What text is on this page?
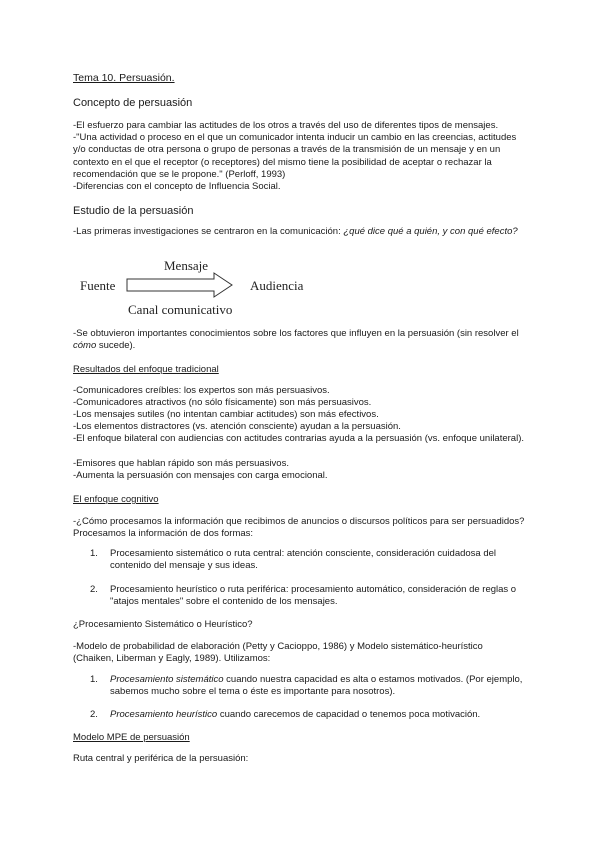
Tema 10. Persuasión.
Concepto de persuasión
-El esfuerzo para cambiar las actitudes de los otros a través del uso de diferentes tipos de mensajes.
-"Una actividad o proceso en el que un comunicador intenta inducir un cambio en las creencias, actitudes y/o conductas de otra persona o grupo de personas a través de la transmisión de un mensaje y en un contexto en el que el receptor (o receptores) del mismo tiene la posibilidad de aceptar o rechazar la recomendación que se le propone." (Perloff, 1993)
-Diferencias con el concepto de Influencia Social.
Estudio de la persuasión
-Las primeras investigaciones se centraron en la comunicación: ¿qué dice qué a quién, y con qué efecto?
Fuente
Mensaje
Audiencia
Canal comunicativo
-Se obtuvieron importantes conocimientos sobre los factores que influyen en la persuasión (sin resolver el cómo sucede).
Resultados del enfoque tradicional
-Comunicadores creíbles: los expertos son más persuasivos.
-Comunicadores atractivos (no sólo físicamente) son más persuasivos.
-Los mensajes sutiles (no intentan cambiar actitudes) son más efectivos.
-Los elementos distractores (vs. atención consciente) ayudan a la persuasión.
-El enfoque bilateral con audiencias con actitudes contrarias ayuda a la persuasión (vs. enfoque unilateral).
-Emisores que hablan rápido son más persuasivos.
-Aumenta la persuasión con mensajes con carga emocional.
El enfoque cognitivo
-¿Cómo procesamos la información que recibimos de anuncios o discursos políticos para ser persuadidos? Procesamos la información de dos formas:
1.	Procesamiento sistemático o ruta central: atención consciente, consideración cuidadosa del contenido del mensaje y sus ideas.
2.	Procesamiento heurístico o ruta periférica: procesamiento automático, consideración de reglas o "atajos mentales" sobre el contenido de los mensajes.
¿Procesamiento Sistemático o Heurístico?
-Modelo de probabilidad de elaboración (Petty y Cacioppo, 1986) y Modelo sistemático-heurístico (Chaiken, Liberman y Eagly, 1989). Utilizamos:
1.	Procesamiento sistemático cuando nuestra capacidad es alta o estamos motivados. (Por ejemplo, sabemos mucho sobre el tema o éste es importante para nosotros).
2.	Procesamiento heurístico cuando carecemos de capacidad o tenemos poca motivación.
Modelo MPE de persuasión
Ruta central y periférica de la persuasión:
